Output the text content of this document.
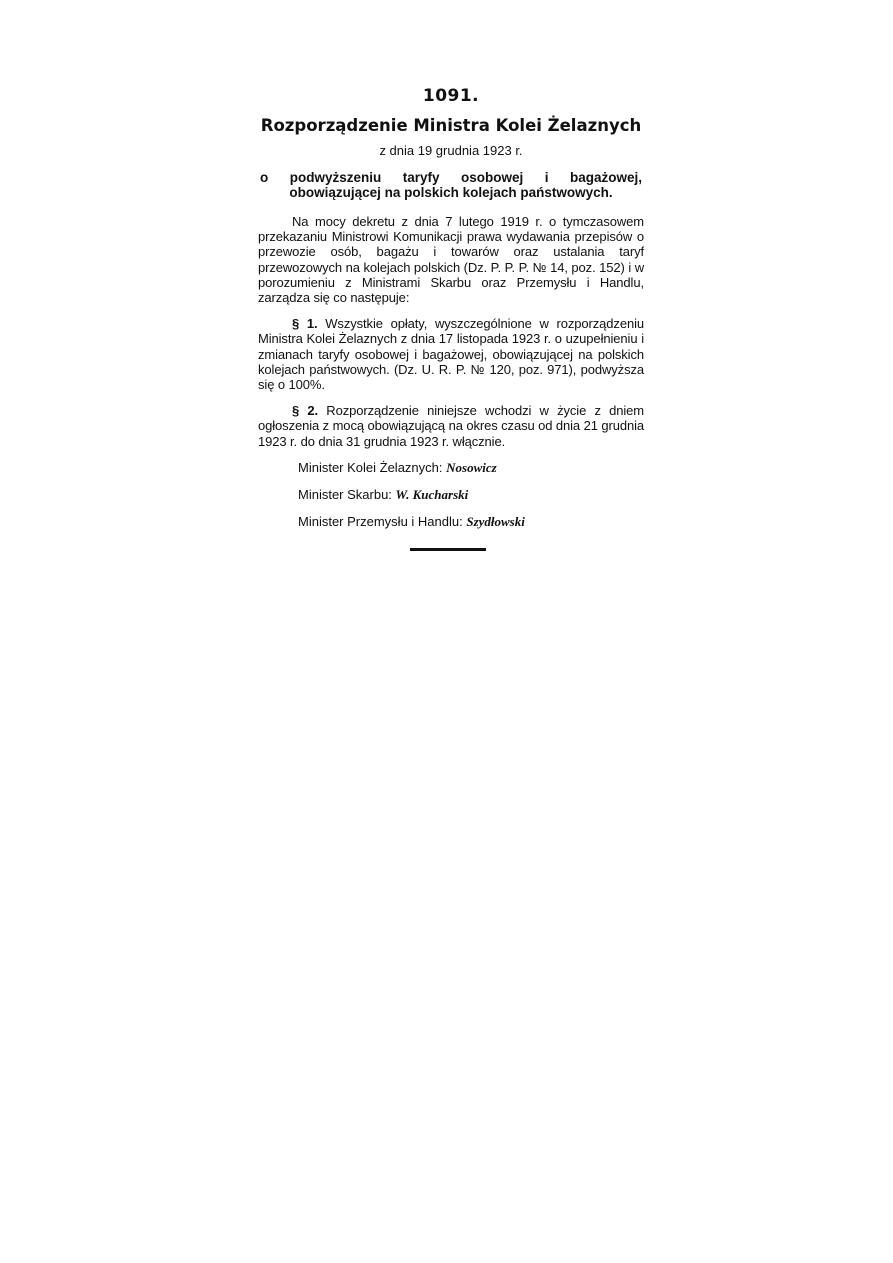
1091.
Rozporządzenie Ministra Kolei Żelaznych
z dnia 19 grudnia 1923 r.
o podwyższeniu taryfy osobowej i bagażowej, obowiązującej na polskich kolejach państwowych.

Na mocy dekretu z dnia 7 lutego 1919 r. o tymczasowem przekazaniu Ministrowi Komunikacji prawa wydawania przepisów o przewozie osób, bagażu i towarów oraz ustalania taryf przewozowych na kolejach polskich (Dz. P. P. P. № 14, poz. 152) i w porozumieniu z Ministrami Skarbu oraz Przemysłu i Handlu, zarządza się co następuje:

§ 1. Wszystkie opłaty, wyszczególnione w rozporządzeniu Ministra Kolei Żelaznych z dnia 17 listopada 1923 r. o uzupełnieniu i zmianach taryfy osobowej i bagażowej, obowiązującej na polskich kolejach państwowych. (Dz. U. R. P. № 120, poz. 971), podwyższa się o 100%.

§ 2. Rozporządzenie niniejsze wchodzi w życie z dniem ogłoszenia z mocą obowiązującą na okres czasu od dnia 21 grudnia 1923 r. do dnia 31 grudnia 1923 r. włącznie.

Minister Kolei Żelaznych: Nosowicz
Minister Skarbu: W. Kucharski
Minister Przemysłu i Handlu: Szydłowski
